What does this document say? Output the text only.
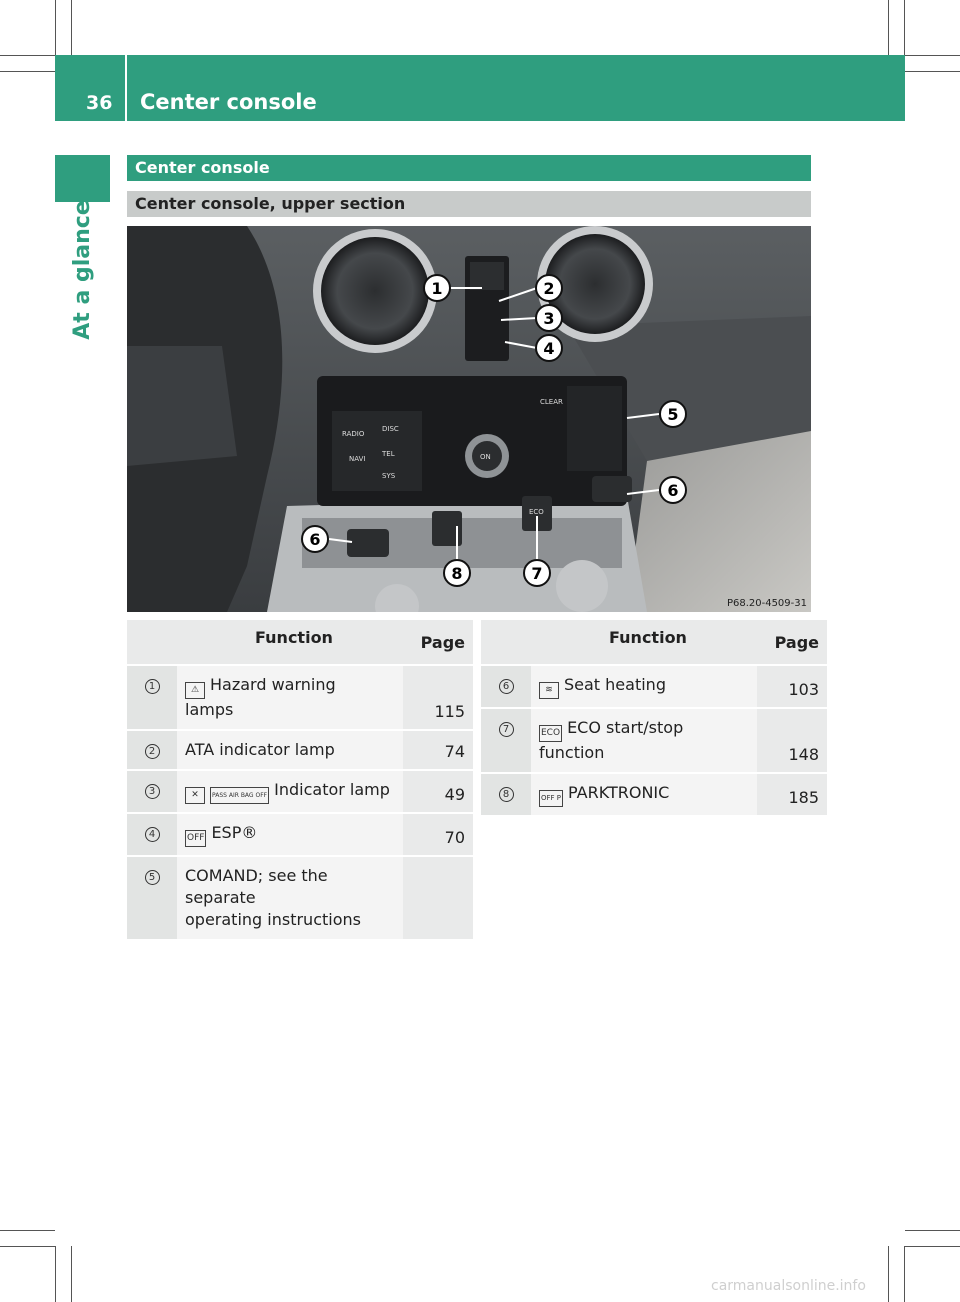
36 Center console
At a glance
Center console
Center console, upper section
RADIO
DISC
NAVI
TEL
SYS
CLEAR
ON
ECO
1	2
3
4
5
6
6
7
8
P68.20-4509-31
	Function	Page
1	⚠ Hazard warning
lamps	115
2	ATA indicator lamp	74
3	✕ PASS AIR BAG OFF Indicator lamp	49
4	OFF ESP®	70
5	COMAND; see the separate
operating instructions	
	Function	Page
6	≋ Seat heating	103
7	ECO ECO start/stop
function	148
8	OFF P PARKTRONIC	185
carmanualsonline.info
